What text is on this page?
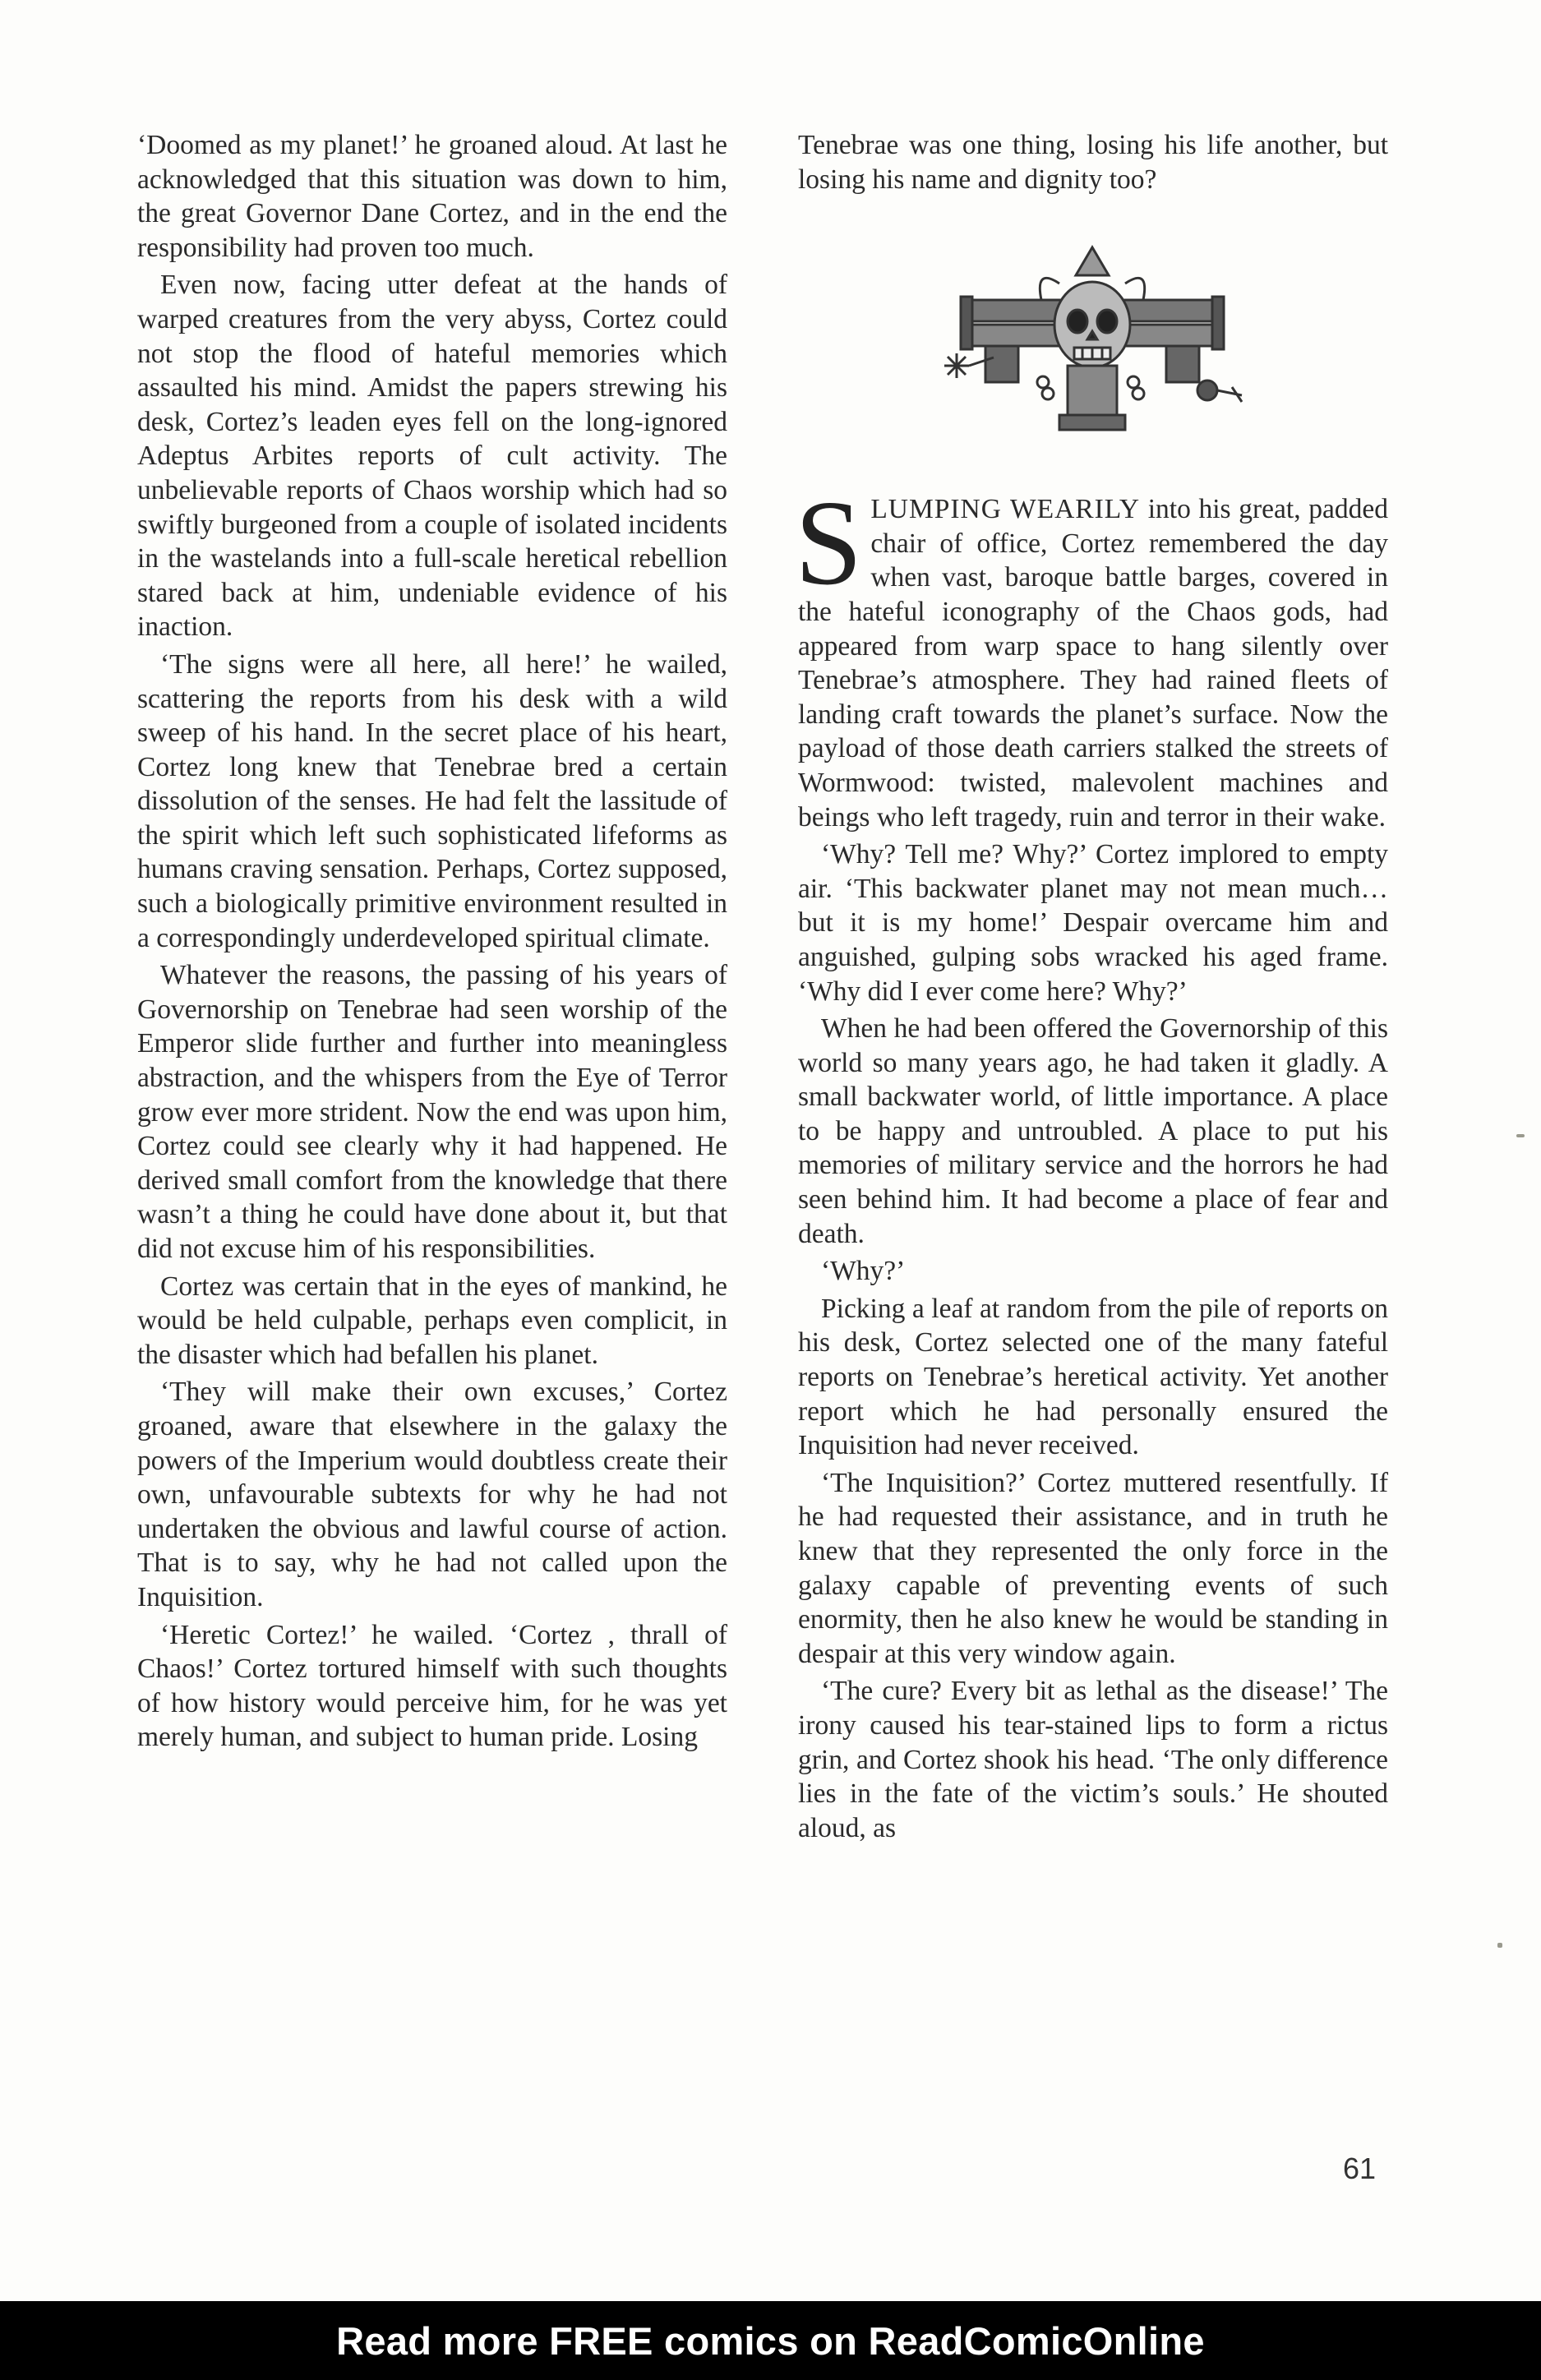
‘Doomed as my planet!’ he groaned aloud. At last he acknowledged that this situation was down to him, the great Governor Dane Cortez, and in the end the responsibility had proven too much.

Even now, facing utter defeat at the hands of warped creatures from the very abyss, Cortez could not stop the flood of hateful memories which assaulted his mind. Amidst the papers strewing his desk, Cortez’s leaden eyes fell on the long-ignored Adeptus Arbites reports of cult activity. The unbelievable reports of Chaos worship which had so swiftly burgeoned from a couple of isolated incidents in the wastelands into a full-scale heretical rebellion stared back at him, undeniable evidence of his inaction.

‘The signs were all here, all here!’ he wailed, scattering the reports from his desk with a wild sweep of his hand. In the secret place of his heart, Cortez long knew that Tenebrae bred a certain dissolution of the senses. He had felt the lassitude of the spirit which left such sophisticated lifeforms as humans craving sensation. Perhaps, Cortez supposed, such a biologically primitive environment resulted in a correspondingly underdeveloped spiritual climate.

Whatever the reasons, the passing of his years of Governorship on Tenebrae had seen worship of the Emperor slide further and further into meaningless abstraction, and the whispers from the Eye of Terror grow ever more strident. Now the end was upon him, Cortez could see clearly why it had happened. He derived small comfort from the knowledge that there wasn’t a thing he could have done about it, but that did not excuse him of his responsibilities.

Cortez was certain that in the eyes of mankind, he would be held culpable, perhaps even complicit, in the disaster which had befallen his planet.

‘They will make their own excuses,’ Cortez groaned, aware that elsewhere in the galaxy the powers of the Imperium would doubtless create their own, unfavourable subtexts for why he had not undertaken the obvious and lawful course of action. That is to say, why he had not called upon the Inquisition.

‘Heretic Cortez!’ he wailed. ‘Cortez , thrall of Chaos!’ Cortez tortured himself with such thoughts of how history would perceive him, for he was yet merely human, and subject to human pride. Losing

Tenebrae was one thing, losing his life another, but losing his name and dignity too?

SLUMPING WEARILY into his great, padded chair of office, Cortez remembered the day when vast, baroque battle barges, covered in the hateful iconography of the Chaos gods, had appeared from warp space to hang silently over Tenebrae’s atmosphere. They had rained fleets of landing craft towards the planet’s surface. Now the payload of those death carriers stalked the streets of Wormwood: twisted, malevolent machines and beings who left tragedy, ruin and terror in their wake.

‘Why? Tell me? Why?’ Cortez implored to empty air. ‘This backwater planet may not mean much… but it is my home!’ Despair overcame him and anguished, gulping sobs wracked his aged frame. ‘Why did I ever come here? Why?’

When he had been offered the Governorship of this world so many years ago, he had taken it gladly. A small backwater world, of little importance. A place to be happy and untroubled. A place to put his memories of military service and the horrors he had seen behind him. It had become a place of fear and death.

‘Why?’

Picking a leaf at random from the pile of reports on his desk, Cortez selected one of the many fateful reports on Tenebrae’s heretical activity. Yet another report which he had personally ensured the Inquisition had never received.

‘The Inquisition?’ Cortez muttered resentfully. If he had requested their assistance, and in truth he knew that they represented the only force in the galaxy capable of preventing events of such enormity, then he also knew he would be standing in despair at this very window again.

‘The cure? Every bit as lethal as the disease!’ The irony caused his tear-stained lips to form a rictus grin, and Cortez shook his head. ‘The only difference lies in the fate of the victim’s souls.’ He shouted aloud, as

61
Read more FREE comics on ReadComicOnline
